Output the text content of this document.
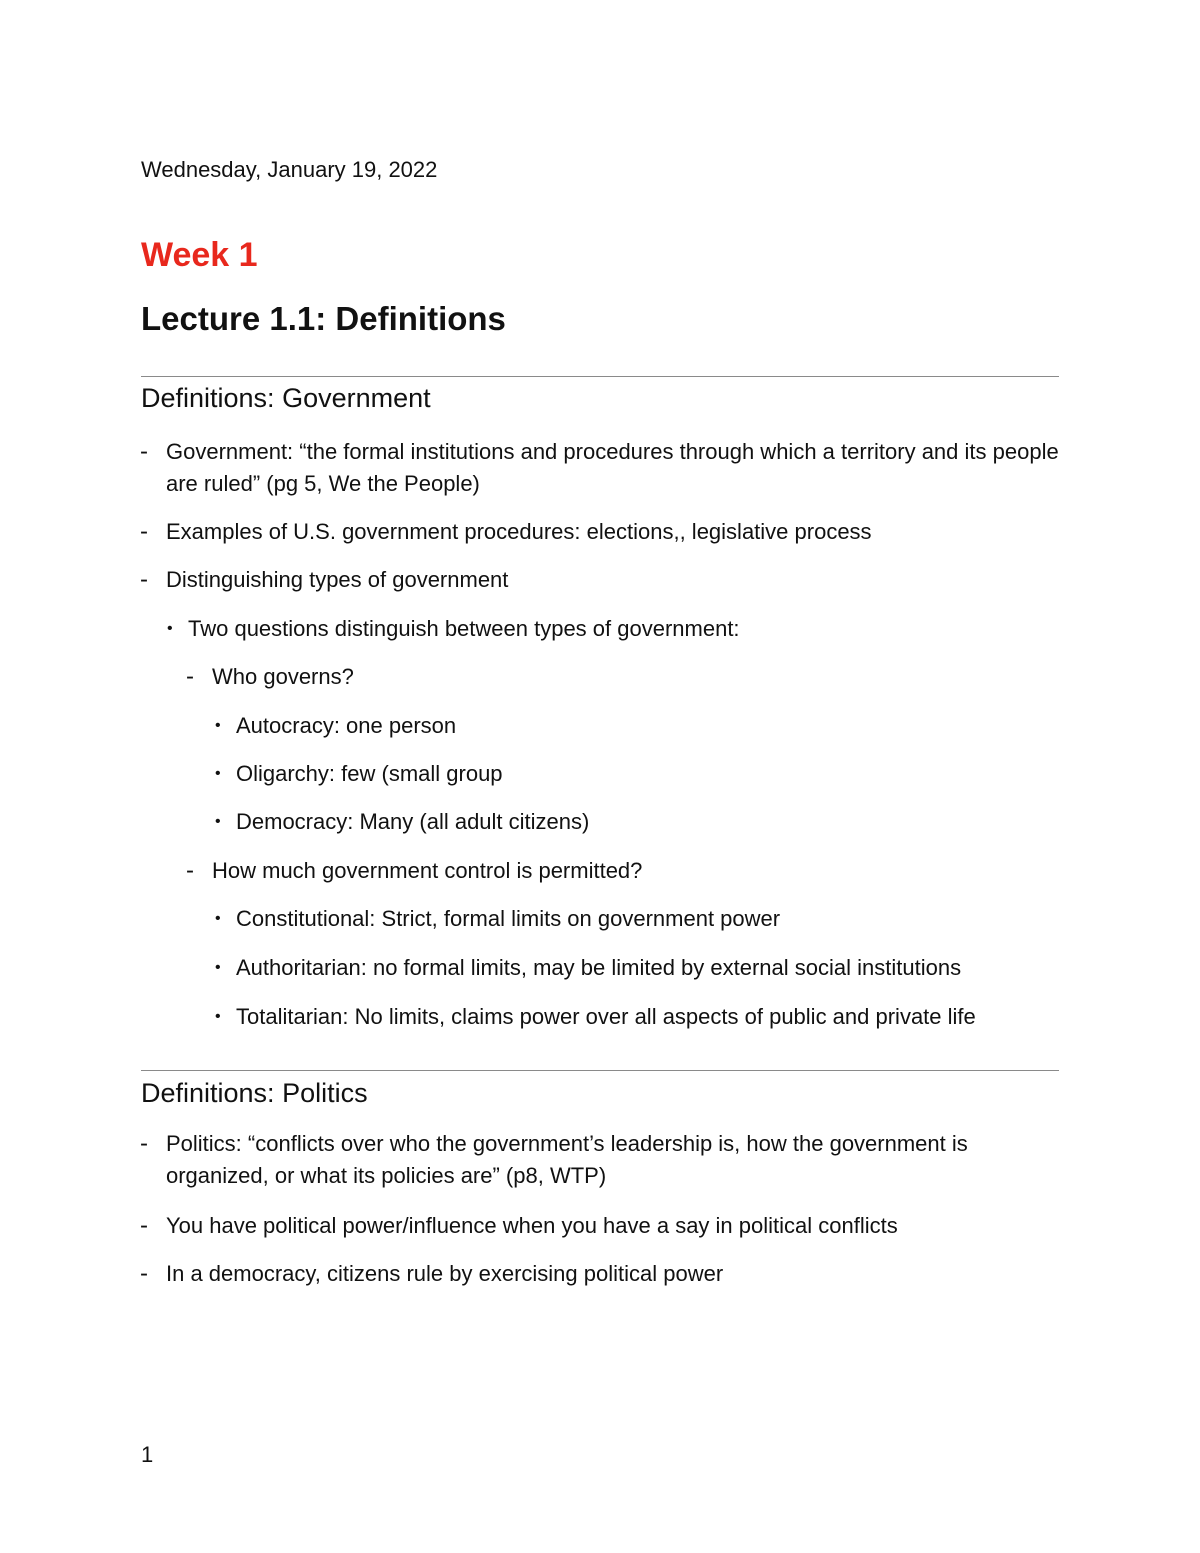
Wednesday, January 19, 2022
Week 1
Lecture 1.1: Definitions
Definitions: Government
- Government: “the formal institutions and procedures through which a territory and its people are ruled” (pg 5, We the People)
- Examples of U.S. government procedures: elections,, legislative process
- Distinguishing types of government
• Two questions distinguish between types of government:
- Who governs?
• Autocracy: one person
• Oligarchy: few (small group
• Democracy: Many (all adult citizens)
- How much government control is permitted?
• Constitutional: Strict, formal limits on government power
• Authoritarian: no formal limits, may be limited by external social institutions
• Totalitarian: No limits, claims power over all aspects of public and private life
Definitions: Politics
- Politics: “conflicts over who the government’s leadership is, how the government is organized, or what its policies are” (p8, WTP)
- You have political power/influence when you have a say in political conflicts
- In a democracy, citizens rule by exercising political power
1
